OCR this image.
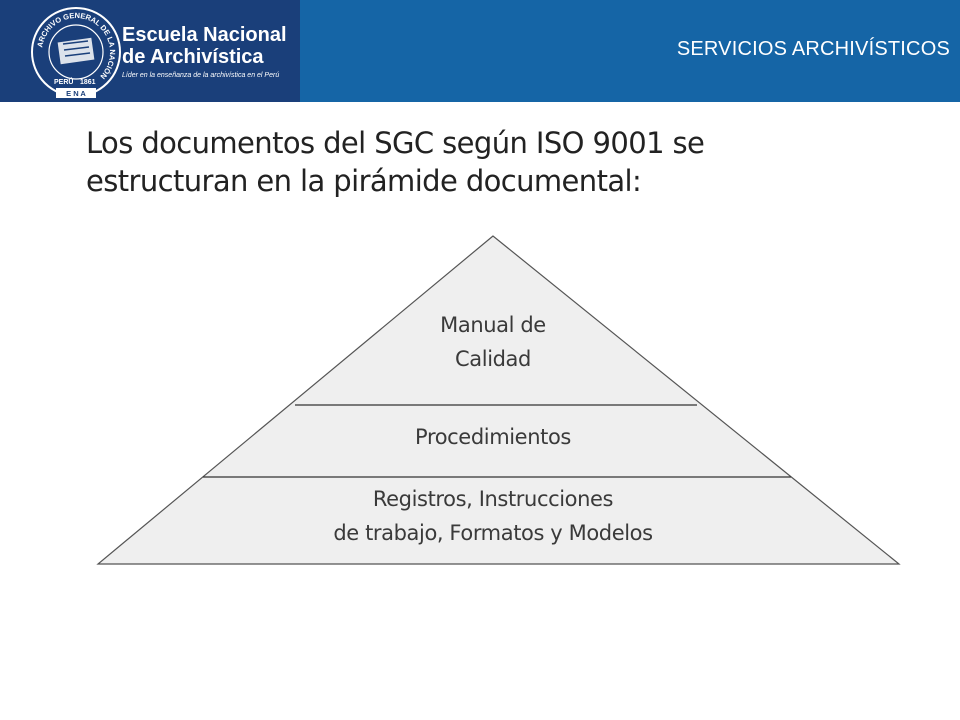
ARCHIVO GENERAL DE LA NACIÓN
PERÚ 1861
E N A
Escuela Nacional
de Archivística
Líder en la enseñanza de la archivística en el Perú
SERVICIOS ARCHIVÍSTICOS
Los documentos del SGC según ISO 9001 se
estructuran en la pirámide documental:
Manual de
Calidad
Procedimientos
Registros, Instrucciones
de trabajo, Formatos y Modelos
